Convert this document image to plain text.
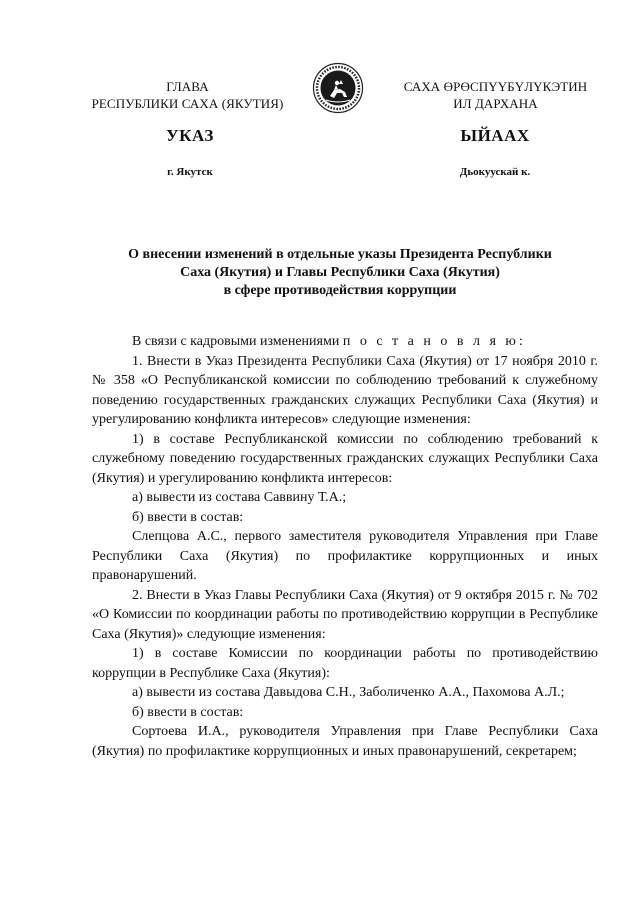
ГЛАВА
РЕСПУБЛИКИ САХА (ЯКУТИЯ)
САХА ӨРӨСПҮҮБҮЛҮКЭТИН
ИЛ ДАРХАНА
УКАЗ	ЫЙААХ
г. Якутск	Дьокуускай к.
О внесении изменений в отдельные указы Президента Республики
Саха (Якутия) и Главы Республики Саха (Якутия)
в сфере противодействия коррупции

В связи с кадровыми изменениями п о с т а н о в л я ю:

1. Внести в Указ Президента Республики Саха (Якутия) от 17 ноября 2010 г. № 358 «О Республиканской комиссии по соблюдению требований к служебному поведению государственных гражданских служащих Республики Саха (Якутия) и урегулированию конфликта интересов» следующие изменения:

1) в составе Республиканской комиссии по соблюдению требований к служебному поведению государственных гражданских служащих Республики Саха (Якутия) и урегулированию конфликта интересов:

а) вывести из состава Саввину Т.А.;

б) ввести в состав:

Слепцова А.С., первого заместителя руководителя Управления при Главе Республики Саха (Якутия) по профилактике коррупционных и иных правонарушений.

2. Внести в Указ Главы Республики Саха (Якутия) от 9 октября 2015 г. № 702 «О Комиссии по координации работы по противодействию коррупции в Республике Саха (Якутия)» следующие изменения:

1) в составе Комиссии по координации работы по противодействию коррупции в Республике Саха (Якутия):

а) вывести из состава Давыдова С.Н., Заболиченко А.А., Пахомова А.Л.;

б) ввести в состав:

Сортоева И.А., руководителя Управления при Главе Республики Саха (Якутия) по профилактике коррупционных и иных правонарушений, секретарем;
